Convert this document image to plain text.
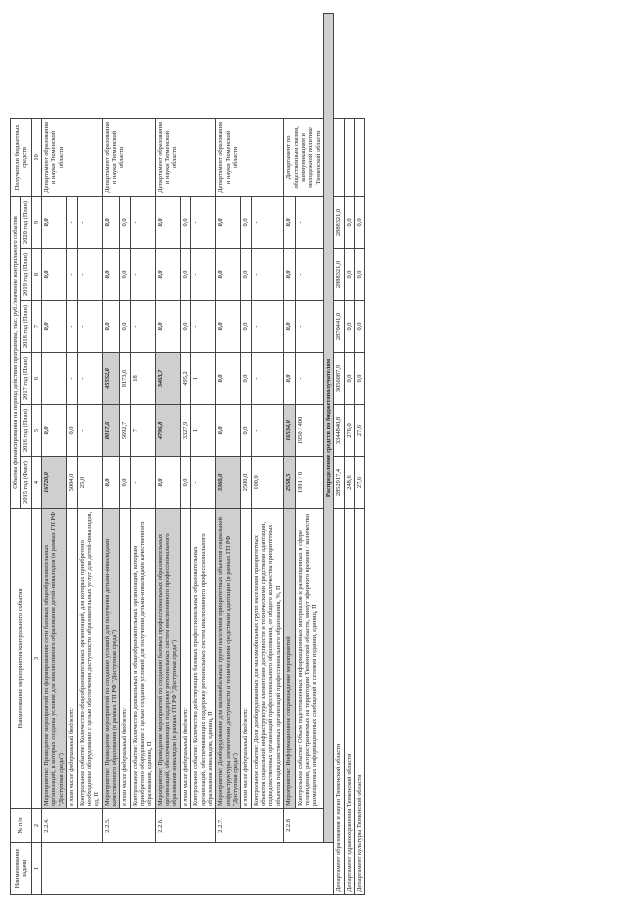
Наименование задачи	№ п/п	Наименование мероприятия/контрольного события	Объемы финансирования на период действия программы, тыс. руб./значение контрольного события						Получатели бюджетных средств
			2015 год (Факт)	2016 год (План)	2017 год (План)	2018 год (План)	2019 год (План)	2020 год (План)	
1	2	3	4	5	6	7	8	9	10
	2.2.4.	Мероприятие: Проведение мероприятий по формированию сети базовых общеобразовательных организаций, в которых созданы условия для инклюзивного образования детей-инвалидов (в рамках ГП РФ "Доступная среда")	16720,0	0,0		0,0	0,0	0,0	Департамент образования и науки Тюменской области
		в том числе федеральный бюджет:	5004,0	0,0	-	-	-	-	
		Контрольное событие: Количество общеобразовательных организаций, для которых приобретено необходимое оборудование с целью обеспечения доступности образовательных услуг для детей-инвалидов, ед, П	25,0	-	-	-	-	-	
	2.2.5.	Мероприятие: Проведение мероприятий по созданию условий для получения детьми-инвалидами качественного образования (в рамках ГП РФ "Доступная среда")	0,0	8017,6	45552,8	0,0	0,0	0,0	Департамент образования и науки Тюменской области
		в том числе федеральный бюджет:	0,0	5692,7	9173,6	0,0	0,0	0,0	
		Контрольное событие: Количество дошкольных и общеобразовательных организаций, которым приобретено оборудование с целью создания условий для получения детьми-инвалидами качественного образования, единиц, П	-	7	18	-	-	-	
	2.2.6.	Мероприятие: Проведение мероприятий по созданию базовых профессиональных образовательных организаций, обеспечивающих поддержку региональных систем инклюзивного профессионального образования инвалидов (в рамках ГП РФ "Доступная среда")	0,0	4796,8	3463,7	0,0	0,0	0,0	Департамент образования и науки Тюменской области
		в том числе федеральный бюджет:	0,0	3327,9	495,2	0,0	0,0	0,0	
		Контрольное событие: Количество действующих базовых профессиональных образовательных организаций, обеспечивающих поддержку региональных систем инклюзивного профессионального образования инвалидов, единиц, П	-	1	1	-	-	-	
	2.2.7.	Мероприятие: Дооборудование для маломобильных групп населения приоритетных объектов социальной инфраструктуры элементами доступности и техническими средствами адаптации (в рамках ГП РФ "Доступная среда")	3360,0	0,0	0,0	0,0	0,0	0,0	Департамент образования и науки Тюменской области
		в том числе федеральный бюджет:	2500,0	0,0	0,0	0,0	0,0	0,0	
		Контрольное событие: Доля дооборудованных для маломобильных групп населения приоритетных объектов социальной инфраструктуры элементами доступности и техническими средствами адаптации, подведомственных организаций профессионального образования, от общего количества приоритетных объектов подведомственных организаций профессионального образования, %, П	100,0	-	-	-	-	-	
	2.2.8	Мероприятие: Информационное сопровождение мероприятий	2558,5	16534,0	0,0	0,0	0,0	0,0	Департамент по общественным связям, коммуникациям и молодежной политике Тюменской области
		Контрольное событие: Объем подготовленных информационных материалов и размещенных в сфере телевидения, распространяемых на территории Тюменской области, минут эфирного времени / количество размещенных информационных сообщений в сетевом издании, единиц, П	1991 / 0	1950 / 400	-	-	-	-	
	Распределение средств по бюджетополучателям								
Департамент образования и науки Тюменской области			2852917,4	3344840,8	3056087,9	2870441,0	2888321,0	2888321,0	
Департамент здравоохранения Тюменской области			248,6	276,0	0,0	0,0	0,0	0,0	
Департамент культуры Тюменской области			27,6	27,6	0,0	0,0	0,0	0,0	
